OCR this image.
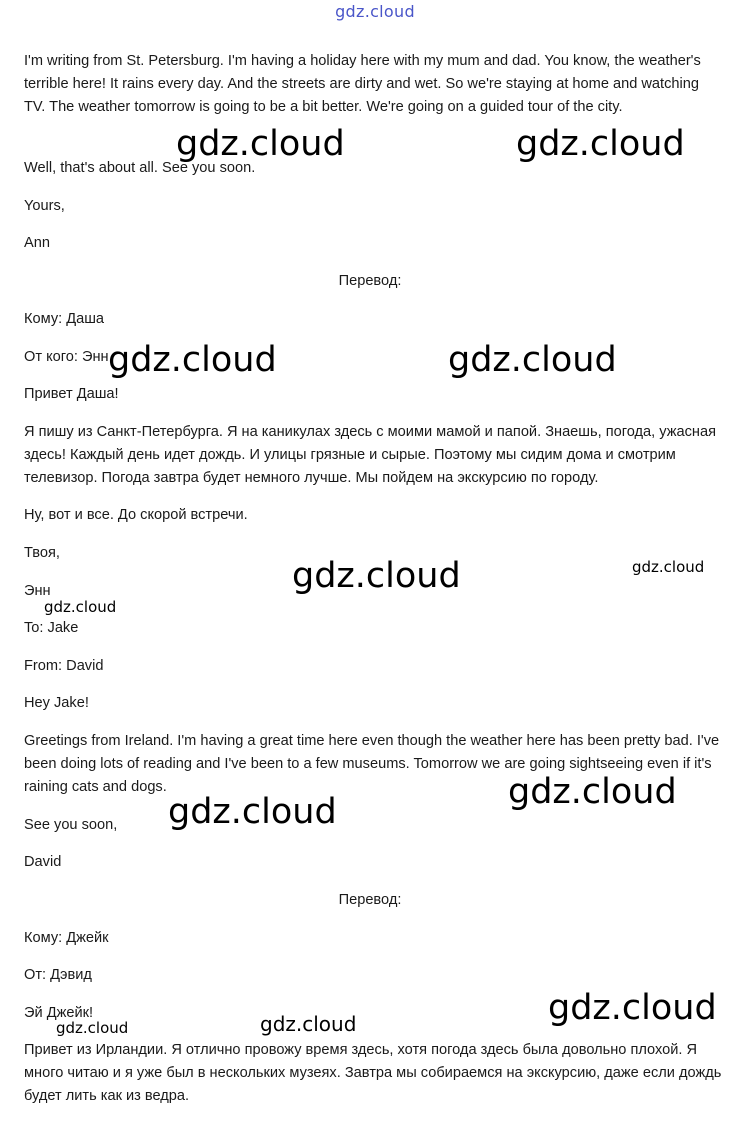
gdz.cloud

I'm writing from St. Petersburg. I'm having a holiday here with my mum and dad. You know, the weather's terrible here! It rains every day. And the streets are dirty and wet. So we're staying at home and watching TV. The weather tomorrow is going to be a bit better. We're going on a guided tour of the city.

Well, that's about all. See you soon.

Yours,

Ann

Перевод:

Кому: Даша

От кого: Энн

Привет Даша!

Я пишу из Санкт-Петербурга. Я на каникулах здесь с моими мамой и папой. Знаешь, погода, ужасная здесь! Каждый день идет дождь. И улицы грязные и сырые. Поэтому мы сидим дома и смотрим телевизор. Погода завтра будет немного лучше. Мы пойдем на экскурсию по городу.

Ну, вот и все. До скорой встречи.

Твоя,

Энн

To: Jake

From: David

Hey Jake!

Greetings from Ireland. I'm having a great time here even though the weather here has been pretty bad. I've been doing lots of reading and I've been to a few museums. Tomorrow we are going sightseeing even if it's raining cats and dogs.

See you soon,

David

Перевод:

Кому: Джейк

От: Дэвид

Эй Джейк!

Привет из Ирландии. Я отлично провожу время здесь, хотя погода здесь была довольно плохой. Я много читаю и я уже был в нескольких музеях. Завтра мы собираемся на экскурсию, даже если дождь будет лить как из ведра.

gdz.cloud	gdz.cloud
gdz.cloud	gdz.cloud
gdz.cloud	gdz.cloud
gdz.cloud
gdz.cloud
gdz.cloud
gdz.cloud
gdz.cloud	gdz.cloud
